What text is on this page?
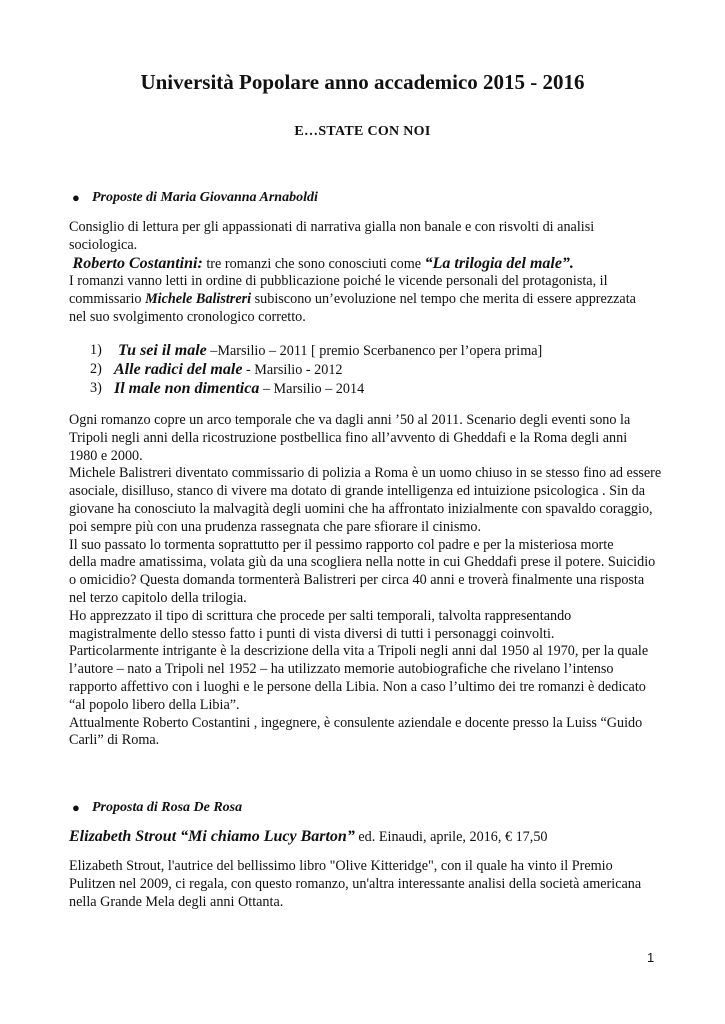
Università Popolare anno accademico 2015 - 2016
E…STATE CON NOI
● Proposte di Maria Giovanna Arnaboldi
Consiglio di lettura per gli appassionati di narrativa gialla non banale e con risvolti di analisi
sociologica.
Roberto Costantini: tre romanzi che sono conosciuti come “La trilogia del male”.
I romanzi vanno letti in ordine di pubblicazione poiché le vicende personali del protagonista, il
commissario Michele Balistreri subiscono un’evoluzione nel tempo che merita di essere apprezzata
nel suo svolgimento cronologico corretto.
1)	Tu sei il male –Marsilio – 2011 [ premio Scerbanenco per l’opera prima]
2) Alle radici del male - Marsilio - 2012
3) Il male non dimentica – Marsilio – 2014
Ogni romanzo copre un arco temporale che va dagli anni ’50 al 2011. Scenario degli eventi sono la
Tripoli negli anni della ricostruzione postbellica fino all’avvento di Gheddafi e la Roma degli anni
1980 e 2000.
Michele Balistreri diventato commissario di polizia a Roma è un uomo chiuso in se stesso fino ad essere
asociale, disilluso, stanco di vivere ma dotato di grande intelligenza ed intuizione psicologica . Sin da
giovane ha conosciuto la malvagità degli uomini che ha affrontato inizialmente con spavaldo coraggio,
poi sempre più con una prudenza rassegnata che pare sfiorare il cinismo.
Il suo passato lo tormenta soprattutto per il pessimo rapporto col padre e per la misteriosa morte
della madre amatissima, volata giù da una scogliera nella notte in cui Gheddafi prese il potere. Suicidio
o omicidio? Questa domanda tormenterà Balistreri per circa 40 anni e troverà finalmente una risposta
nel terzo capitolo della trilogia.
Ho apprezzato il tipo di scrittura che procede per salti temporali, talvolta rappresentando
magistralmente dello stesso fatto i punti di vista diversi di tutti i personaggi coinvolti.
Particolarmente intrigante è la descrizione della vita a Tripoli negli anni dal 1950 al 1970, per la quale
l’autore – nato a Tripoli nel 1952 – ha utilizzato memorie autobiografiche che rivelano l’intenso
rapporto affettivo con i luoghi e le persone della Libia. Non a caso l’ultimo dei tre romanzi è dedicato
“al popolo libero della Libia”.
Attualmente Roberto Costantini , ingegnere, è consulente aziendale e docente presso la Luiss “Guido
Carli” di Roma.
● Proposta di Rosa De Rosa
Elizabeth Strout “Mi chiamo Lucy Barton” ed. Einaudi, aprile, 2016, € 17,50
Elizabeth Strout, l'autrice del bellissimo libro "Olive Kitteridge", con il quale ha vinto il Premio
Pulitzen nel 2009, ci regala, con questo romanzo, un'altra interessante analisi della società americana
nella Grande Mela degli anni Ottanta.
1
